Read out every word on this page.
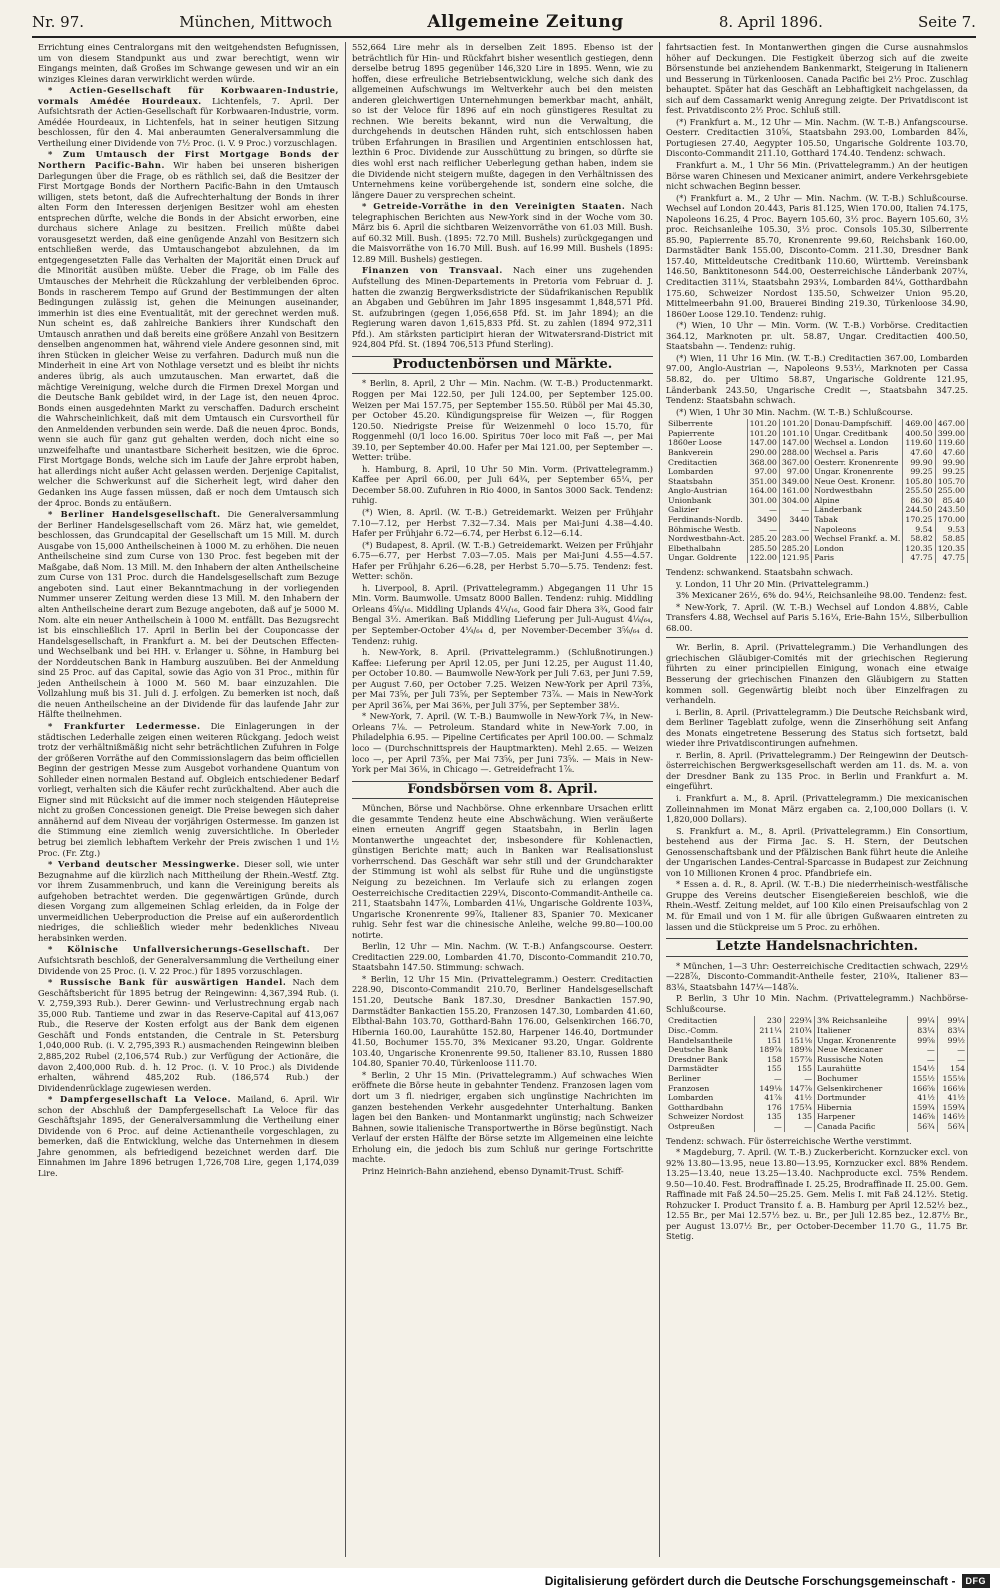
Nr. 97.	München, Mittwoch	Allgemeine Zeitung	8. April 1896.	Seite 7.

Errichtung eines Centralorgans mit den weitgehendsten Befugnissen, um von diesem Standpunkt aus und zwar berechtigt, wenn wir Eingangs meinten, daß Großes im Schwange gewesen und wir an ein winziges Kleines daran verwirklicht werden würde.

* Actien-Gesellschaft für Korbwaaren-Industrie, vormals Amédée Hourdeaux. Lichtenfels, 7. April. Der Aufsichtsrath der Actien-Gesellschaft für Korbwaaren-Industrie, vorm. Amédée Hourdeaux, in Lichtenfels, hat in seiner heutigen Sitzung beschlossen, für den 4. Mai anberaumten Generalversammlung die Vertheilung einer Dividende von 7½ Proc. (i. V. 9 Proc.) vorzuschlagen.

* Zum Umtausch der First Mortgage Bonds der Northern Pacific-Bahn. Wir haben bei unseren bisherigen Darlegungen über die Frage, ob es räthlich sei, daß die Besitzer der First Mortgage Bonds der Northern Pacific-Bahn in den Umtausch willigen, stets betont, daß die Aufrechterhaltung der Bonds in ihrer alten Form den Interessen derjenigen Besitzer wohl am ehesten entsprechen dürfte, welche die Bonds in der Absicht erworben, eine durchaus sichere Anlage zu besitzen. Freilich müßte dabei vorausgesetzt werden, daß eine genügende Anzahl von Besitzern sich entschließen werde, das Umtauschangebot abzulehnen, da im entgegengesetzten Falle das Verhalten der Majorität einen Druck auf die Minorität ausüben müßte. Ueber die Frage, ob im Falle des Umtausches der Mehrheit die Rückzahlung der verbleibenden 6proc. Bonds in rascherem Tempo auf Grund der Bestimmungen der alten Bedingungen zulässig ist, gehen die Meinungen auseinander, immerhin ist dies eine Eventualität, mit der gerechnet werden muß. Nun scheint es, daß zahlreiche Bankiers ihrer Kundschaft den Umtausch anrathen und daß bereits eine größere Anzahl von Besitzern denselben angenommen hat, während viele Andere gesonnen sind, mit ihren Stücken in gleicher Weise zu verfahren. Dadurch muß nun die Minderheit in eine Art von Nothlage versetzt und es bleibt ihr nichts anderes übrig, als auch umzutauschen. Man erwartet, daß die mächtige Vereinigung, welche durch die Firmen Drexel Morgan und die Deutsche Bank gebildet wird, in der Lage ist, den neuen 4proc. Bonds einen ausgedehnten Markt zu verschaffen. Dadurch erscheint die Wahrscheinlichkeit, daß mit dem Umtausch ein Cursvortheil für den Anmeldenden verbunden sein werde. Daß die neuen 4proc. Bonds, wenn sie auch für ganz gut gehalten werden, doch nicht eine so unzweifelhafte und unantastbare Sicherheit besitzen, wie die 6proc. First Mortgage Bonds, welche sich im Laufe der Jahre erprobt haben, hat allerdings nicht außer Acht gelassen werden. Derjenige Capitalist, welcher die Schwerkunst auf die Sicherheit legt, wird daher den Gedanken ins Auge fassen müssen, daß er noch dem Umtausch sich der 4proc. Bonds zu entäußern.

* Berliner Handelsgesellschaft. Die Generalversammlung der Berliner Handelsgesellschaft vom 26. März hat, wie gemeldet, beschlossen, das Grundcapital der Gesellschaft um 15 Mill. M. durch Ausgabe von 15,000 Antheilscheinen à 1000 M. zu erhöhen. Die neuen Antheilscheine sind zum Curse von 130 Proc. fest begeben mit der Maßgabe, daß Nom. 13 Mill. M. den Inhabern der alten Antheilscheine zum Curse von 131 Proc. durch die Handelsgesellschaft zum Bezuge angeboten sind. Laut einer Bekanntmachung in der vorliegenden Nummer unserer Zeitung werden diese 13 Mill. M. den Inhabern der alten Antheilscheine derart zum Bezuge angeboten, daß auf je 5000 M. Nom. alte ein neuer Antheilschein à 1000 M. entfällt. Das Bezugsrecht ist bis einschließlich 17. April in Berlin bei der Couponcasse der Handelsgesellschaft, in Frankfurt a. M. bei der Deutschen Effecten- und Wechselbank und bei HH. v. Erlanger u. Söhne, in Hamburg bei der Norddeutschen Bank in Hamburg auszuüben. Bei der Anmeldung sind 25 Proc. auf das Capital, sowie das Agio von 31 Proc., mithin für jeden Antheilschein à 1000 M. 560 M. baar einzuzahlen. Die Vollzahlung muß bis 31. Juli d. J. erfolgen. Zu bemerken ist noch, daß die neuen Antheilscheine an der Dividende für das laufende Jahr zur Hälfte theilnehmen.

* Frankfurter Ledermesse. Die Einlagerungen in der städtischen Lederhalle zeigen einen weiteren Rückgang. Jedoch weist trotz der verhältnißmäßig nicht sehr beträchtlichen Zufuhren in Folge der größeren Vorräthe auf den Commissionslagern das beim officiellen Beginn der gestrigen Messe zum Ausgebot vorhandene Quantum von Sohlleder einen normalen Bestand auf. Obgleich entschiedener Bedarf vorliegt, verhalten sich die Käufer recht zurückhaltend. Aber auch die Eigner sind mit Rücksicht auf die immer noch steigenden Häutepreise nicht zu großen Concessionen geneigt. Die Preise bewegen sich daher annähernd auf dem Niveau der vorjährigen Ostermesse. Im ganzen ist die Stimmung eine ziemlich wenig zuversichtliche. In Oberleder betrug bei ziemlich lebhaftem Verkehr der Preis zwischen 1 und 1½ Proc. (Fr. Ztg.)

* Verband deutscher Messingwerke. Dieser soll, wie unter Bezugnahme auf die kürzlich nach Mittheilung der Rhein.-Westf. Ztg. vor ihrem Zusammenbruch, und kann die Vereinigung bereits als aufgehoben betrachtet werden. Die gegenwärtigen Gründe, durch diesen Vorgang zum allgemeinen Schlag erleiden, da in Folge der unvermeidlichen Ueberproduction die Preise auf ein außerordentlich niedriges, die schließlich wieder mehr bedenkliches Niveau herabsinken werden.

* Kölnische Unfallversicherungs-Gesellschaft. Der Aufsichtsrath beschloß, der Generalversammlung die Vertheilung einer Dividende von 25 Proc. (i. V. 22 Proc.) für 1895 vorzuschlagen.

* Russische Bank für auswärtigen Handel. Nach dem Geschäftsbericht für 1895 betrug der Reingewinn: 4,367,394 Rub. (i. V. 2,759,393 Rub.). Derer Gewinn- und Verlustrechnung ergab nach 35,000 Rub. Tantieme und zwar in das Reserve-Capital auf 413,067 Rub., die Reserve der Kosten erfolgt aus der Bank dem eigenen Geschäft und Fonds entstanden, die Centrale in St. Petersburg 1,040,000 Rub. (i. V. 2,795,393 R.) ausmachenden Reingewinn bleiben 2,885,202 Rubel (2,106,574 Rub.) zur Verfügung der Actionäre, die davon 2,400,000 Rub. d. h. 12 Proc. (i. V. 10 Proc.) als Dividende erhalten, während 485,202 Rub. (186,574 Rub.) der Dividendenrücklage zugewiesen werden.

* Dampfergesellschaft La Veloce. Mailand, 6. April. Wir schon der Abschluß der Dampfergesellschaft La Veloce für das Geschäftsjahr 1895, der Generalversammlung die Vertheilung einer Dividende von 6 Proc. auf deine Actienantheile vorgeschlagen, zu bemerken, daß die Entwicklung, welche das Unternehmen in diesem Jahre genommen, als befriedigend bezeichnet werden darf. Die Einnahmen im Jahre 1896 betrugen 1,726,708 Lire, gegen 1,174,039 Lire.

552,664 Lire mehr als in derselben Zeit 1895. Ebenso ist der beträchtlich für Hin- und Rückfahrt bisher wesentlich gestiegen, denn derselbe betrug 1895 gegenüber 146,320 Lire in 1895. Wenn, wie zu hoffen, diese erfreuliche Betriebsentwicklung, welche sich dank des allgemeinen Aufschwungs im Weltverkehr auch bei den meisten anderen gleichwertigen Unternehmungen bemerkbar macht, anhält, so ist der Veloce für 1896 auf ein noch günstigeres Resultat zu rechnen. Wie bereits bekannt, wird nun die Verwaltung, die durchgehends in deutschen Händen ruht, sich entschlossen haben trüben Erfahrungen in Brasilien und Argentinien entschlossen hat, lezthin 6 Proc. Dividende zur Ausschüttung zu bringen, so dürfte sie dies wohl erst nach reiflicher Ueberlegung gethan haben, indem sie die Dividende nicht steigern mußte, dagegen in den Verhältnissen des Unternehmens keine vorübergehende ist, sondern eine solche, die längere Dauer zu versprechen scheint.

* Getreide-Vorräthe in den Vereinigten Staaten. Nach telegraphischen Berichten aus New-York sind in der Woche vom 30. März bis 6. April die sichtbaren Weizenvorräthe von 61.03 Mill. Bush. auf 60.32 Mill. Bush. (1895: 72.70 Mill. Bushels) zurückgegangen und die Maisvorräthe von 16.70 Mill. Bush. auf 16.99 Mill. Bushels (1895: 12.89 Mill. Bushels) gestiegen.

Finanzen von Transvaal. Nach einer uns zugehenden Aufstellung des Minen-Departements in Pretoria vom Februar d. J. hatten die zwanzig Bergwerksdistricte der Südafrikanischen Republik an Abgaben und Gebühren im Jahr 1895 insgesammt 1,848,571 Pfd. St. aufzubringen (gegen 1,056,658 Pfd. St. im Jahr 1894); an die Regierung waren davon 1,615,833 Pfd. St. zu zahlen (1894 972,311 Pfd.). Am stärksten participirt hieran der Witwatersrand-District mit 924,804 Pfd. St. (1894 706,513 Pfund Sterling).

Productenbörsen und Märkte.

* Berlin, 8. April, 2 Uhr — Min. Nachm. (W. T.-B.) Productenmarkt. Roggen per Mai 122.50, per Juli 124.00, per September 125.00. Weizen per Mai 157.75, per September 155.50. Rüböl per Mai 45.30, per October 45.20. Kündigungspreise für Weizen —, für Roggen 120.50. Niedrigste Preise für Weizenmehl 0 loco 15.70, für Roggenmehl (0/1 loco 16.00. Spiritus 70er loco mit Faß —, per Mai 39.10, per September 40.00. Hafer per Mai 121.00, per September —. Wetter: trübe.

h. Hamburg, 8. April, 10 Uhr 50 Min. Vorm. (Privattelegramm.) Kaffee per April 66.00, per Juli 64¾, per September 65¼, per December 58.00. Zufuhren in Rio 4000, in Santos 3000 Sack. Tendenz: ruhig.

(*) Wien, 8. April. (W. T.-B.) Getreidemarkt. Weizen per Frühjahr 7.10—7.12, per Herbst 7.32—7.34. Mais per Mai-Juni 4.38—4.40. Hafer per Frühjahr 6.72—6.74, per Herbst 6.12—6.14.

(*) Budapest, 8. April. (W. T.-B.) Getreidemarkt. Weizen per Frühjahr 6.75—6.77, per Herbst 7.03—7.05. Mais per Mai-Juni 4.55—4.57. Hafer per Frühjahr 6.26—6.28, per Herbst 5.70—5.75. Tendenz: fest. Wetter: schön.

h. Liverpool, 8. April. (Privattelegramm.) Abgegangen 11 Uhr 15 Min. Vorm. Baumwolle. Umsatz 8000 Ballen. Tendenz: ruhig. Middling Orleans 4⅝/₁₆. Middling Uplands 4¼/₁₆, Good fair Dhera 3¾, Good fair Bengal 3½. Amerikan. Baß Middling Lieferung per Juli-August 4⅛/₆₄, per September-October 4¼/₆₄ d, per November-December 3⅝/₆₄ d. Tendenz: ruhig.

h. New-York, 8. April. (Privattelegramm.) (Schlußnotirungen.) Kaffee: Lieferung per April 12.05, per Juni 12.25, per August 11.40, per October 10.80. — Baumwolle New-York per Juli 7.63, per Juni 7.59, per August 7.60, per October 7.25. Weizen New-York per April 73⅝, per Mai 73⅝, per Juli 73⅝, per September 73⅞. — Mais in New-York per April 36⅞, per Mai 36⅜, per Juli 37⅝, per September 38½.

* New-York, 7. April. (W. T.-B.) Baumwolle in New-York 7¾, in New-Orleans 7⅛. — Petroleum. Standard white in New-York 7.00, in Philadelphia 6.95. — Pipeline Certificates per April 100.00. — Schmalz loco — (Durchschnittspreis der Hauptmarkten). Mehl 2.65. — Weizen loco —, per April 73⅝, per Mai 73⅝, per Juni 73⅝. — Mais in New-York per Mai 36⅛, in Chicago —. Getreidefracht 1⅞.

Fondsbörsen vom 8. April.

München, Börse und Nachbörse. Ohne erkennbare Ursachen erlitt die gesammte Tendenz heute eine Abschwächung. Wien veräußerte einen erneuten Angriff gegen Staatsbahn, in Berlin lagen Montanwerthe ungeachtet der, insbesondere für Kohlenactien, günstigen Berichte matt; auch in Banken war Realisationslust vorherrschend. Das Geschäft war sehr still und der Grundcharakter der Stimmung ist wohl als selbst für Ruhe und die ungünstigste Neigung zu bezeichnen. Im Verlaufe sich zu erlangen zogen Oesterreichische Creditactien 229¼, Disconto-Commandit-Antheile ca. 211, Staatsbahn 147⅞, Lombarden 41⅛, Ungarische Goldrente 103¾, Ungarische Kronenrente 99⅞, Italiener 83, Spanier 70. Mexicaner ruhig. Sehr fest war die chinesische Anleihe, welche 99.80—100.00 notirte.

Berlin, 12 Uhr — Min. Nachm. (W. T.-B.) Anfangscourse. Oesterr. Creditactien 229.00, Lombarden 41.70, Disconto-Commandit 210.70, Staatsbahn 147.50. Stimmung: schwach.

* Berlin, 12 Uhr 15 Min. (Privattelegramm.) Oesterr. Creditactien 228.90, Disconto-Commandit 210.70, Berliner Handelsgesellschaft 151.20, Deutsche Bank 187.30, Dresdner Bankactien 157.90, Darmstädter Bankactien 155.20, Franzosen 147.30, Lombarden 41.60, Elbthal-Bahn 103.70, Gotthard-Bahn 176.00, Gelsenkirchen 166.70, Hibernia 160.00, Laurahütte 152.80, Harpener 146.40, Dortmunder 41.50, Bochumer 155.70, 3% Mexicaner 93.20, Ungar. Goldrente 103.40, Ungarische Kronenrente 99.50, Italiener 83.10, Russen 1880 104.80, Spanier 70.40, Türkenloose 111.70.

* Berlin, 2 Uhr 15 Min. (Privattelegramm.) Auf schwaches Wien eröffnete die Börse heute in gebahnter Tendenz. Franzosen lagen vom dort um 3 fl. niedriger, ergaben sich ungünstige Nachrichten im ganzen bestehenden Verkehr ausgedehnter Unterhaltung. Banken lagen bei den Banken- und Montanmarkt ungünstig; nach Schweizer Bahnen, sowie italienische Transportwerthe in Börse begünstigt. Nach Verlauf der ersten Hälfte der Börse setzte im Allgemeinen eine leichte Erholung ein, die jedoch bis zum Schluß nur geringe Fortschritte machte.

Prinz Heinrich-Bahn anziehend, ebenso Dynamit-Trust. Schiff-

fahrtsactien fest. In Montanwerthen gingen die Curse ausnahmslos höher auf Deckungen. Die Festigkeit überzog sich auf die zweite Börsenstunde bei anziehendem Bankenmarkt, Steigerung in Italienern und Besserung in Türkenloosen. Canada Pacific bei 2½ Proc. Zuschlag behauptet. Später hat das Geschäft an Lebhaftigkeit nachgelassen, da sich auf dem Cassamarkt wenig Anregung zeigte. Der Privatdiscont ist fest. Privatdisconto 2½ Proc. Schluß still.

(*) Frankfurt a. M., 12 Uhr — Min. Nachm. (W. T.-B.) Anfangscourse. Oesterr. Creditactien 310⅝, Staatsbahn 293.00, Lombarden 84⅞, Portugiesen 27.40, Aegypter 105.50, Ungarische Goldrente 103.70, Disconto-Commandit 211.10, Gotthard 174.40. Tendenz: schwach.

Frankfurt a. M., 1 Uhr 56 Min. (Privattelegramm.) An der heutigen Börse waren Chinesen und Mexicaner animirt, andere Verkehrsgebiete nicht schwachen Beginn besser.

(*) Frankfurt a. M., 2 Uhr — Min. Nachm. (W. T.-B.) Schlußcourse. Wechsel auf London 20.443, Paris 81.125, Wien 170.00, Italien 74.175, Napoleons 16.25, 4 Proc. Bayern 105.60, 3½ proc. Bayern 105.60, 3½ proc. Reichsanleihe 105.30, 3½ proc. Consols 105.30, Silberrente 85.90, Papierrente 85.70, Kronenrente 99.60, Reichsbank 160.00, Darmstädter Bank 155.00, Disconto-Comm. 211.30, Dresdner Bank 157.40, Mitteldeutsche Creditbank 110.60, Württemb. Vereinsbank 146.50, Banktitonesonn 544.00, Oesterreichische Länderbank 207¼, Creditactien 311¼, Staatsbahn 293¼, Lombarden 84¼, Gotthardbahn 175.60, Schweizer Nordost 135.50, Schweizer Union 95.20, Mittelmeerbahn 91.00, Brauerei Binding 219.30, Türkenloose 34.90, 1860er Loose 129.10. Tendenz: ruhig.

(*) Wien, 10 Uhr — Min. Vorm. (W. T.-B.) Vorbörse. Creditactien 364.12, Marknoten pr. ult. 58.87, Ungar. Creditactien 400.50, Staatsbahn —. Tendenz: ruhig.

(*) Wien, 11 Uhr 16 Min. (W. T.-B.) Creditactien 367.00, Lombarden 97.00, Anglo-Austrian —, Napoleons 9.53½, Marknoten per Cassa 58.82, do. per Ultimo 58.87, Ungarische Goldrente 121.95, Länderbank 243.50, Ungarische Credit —, Staatsbahn 347.25. Tendenz: Staatsbahn schwach.

(*) Wien, 1 Uhr 30 Min. Nachm. (W. T.-B.) Schlußcourse.

Silberrente	101.20	101.20	Donau-Dampfschiff.	469.00	467.00
Papierrente	101.20	101.10	Ungar. Creditbank	400.50	399.00
1860er Loose	147.00	147.00	Wechsel a. London	119.60	119.60
Bankverein	290.00	288.00	Wechsel a. Paris	47.60	47.60
Creditactien	368.00	367.00	Oesterr. Kronenrente	99.90	99.90
Lombarden	97.00	97.00	Ungar. Kronenrente	99.25	99.25
Staatsbahn	351.00	349.00	Neue Oest. Kronenr.	105.80	105.70
Anglo-Austrian	164.00	161.00	Nordwestbahn	255.50	255.00
Unionbank	301.00	304.00	Alpine	86.30	85.40
Galizier	—	—	Länderbank	244.50	243.50
Ferdinands-Nordb.	3490	3440	Tabak	170.25	170.00
Böhmische Westb.	—	—	Napoleons	9.54	9.53
Nordwestbahn-Act.	285.20	283.00	Wechsel Frankf. a. M.	58.82	58.85
Elbethalbahn	285.50	285.20	London	120.35	120.35
Ungar. Goldrente	122.00	121.95	Paris	47.75	47.75

Tendenz: schwankend. Staatsbahn schwach.

y. London, 11 Uhr 20 Min. (Privattelegramm.)

3% Mexicaner 26½, 6% do. 94½, Reichsanleihe 98.00. Tendenz: fest.

* New-York, 7. April. (W. T.-B.) Wechsel auf London 4.88½, Cable Transfers 4.88, Wechsel auf Paris 5.16¼, Erie-Bahn 15½, Silberbullion 68.00.

Wr. Berlin, 8. April. (Privattelegramm.) Die Verhandlungen des griechischen Gläubiger-Comités mit der griechischen Regierung führten zu einer principiellen Einigung, wonach eine etwaige Besserung der griechischen Finanzen den Gläubigern zu Statten kommen soll. Gegenwärtig bleibt noch über Einzelfragen zu verhandeln.

i. Berlin, 8. April. (Privattelegramm.) Die Deutsche Reichsbank wird, dem Berliner Tageblatt zufolge, wenn die Zinserhöhung seit Anfang des Monats eingetretene Besserung des Status sich fortsetzt, bald wieder ihre Privatdiscontirungen aufnehmen.

r. Berlin, 8. April. (Privattelegramm.) Der Reingewinn der Deutsch-österreichischen Bergwerksgesellschaft werden am 11. ds. M. a. von der Dresdner Bank zu 135 Proc. in Berlin und Frankfurt a. M. eingeführt.

i. Frankfurt a. M., 8. April. (Privattelegramm.) Die mexicanischen Zolleinnahmen im Monat März ergaben ca. 2,100,000 Dollars (i. V. 1,820,000 Dollars).

S. Frankfurt a. M., 8. April. (Privattelegramm.) Ein Consortium, bestehend aus der Firma Jac. S. H. Stern, der Deutschen Genossenschaftsbank und der Pfälzischen Bank führt heute die Anleihe der Ungarischen Landes-Central-Sparcasse in Budapest zur Zeichnung von 10 Millionen Kronen 4 proc. Pfandbriefe ein.

* Essen a. d. R., 8. April. (W. T.-B.) Die niederrheinisch-westfälische Gruppe des Vereins deutscher Eisengießereien beschloß, wie die Rhein.-Westf. Zeitung meldet, auf 100 Kilo einen Preisaufschlag von 2 M. für Email und von 1 M. für alle übrigen Gußwaaren eintreten zu lassen und die Stückpreise um 5 Proc. zu erhöhen.

Letzte Handelsnachrichten.

* München, 1—3 Uhr: Oesterreichische Creditactien schwach, 229½—228⅞, Disconto-Commandit-Antheile fester, 210¾, Italiener 83—83⅛, Staatsbahn 147¼—148⅞.

P. Berlin, 3 Uhr 10 Min. Nachm. (Privattelegramm.) Nachbörse-Schlußcourse.

Creditactien	230	229¾	3% Reichsanleihe	99¼	99¼
Disc.-Comm.	211¼	210¾	Italiener	83¼	83¼
Handelsantheile	151	151⅛	Ungar. Kronenrente	99⅝	99½
Deutsche Bank	189⅞	189⅜	Neue Mexicaner	—	—
Dresdner Bank	158	157⅞	Russische Noten	—	—
Darmstädter	155	155	Laurahütte	154½	154
Berliner	—	—	Bochumer	155½	155⅛
Franzosen	149⅛	147⅞	Gelsenkirchener	166⅝	166⅛
Lombarden	41⅞	41½	Dortmunder	41½	41½
Gotthardbahn	176	175¾	Hibernia	159¾	159¾
Schweizer Nordost	135	135	Harpener	146⅝	146½
Ostpreußen	—	—	Canada Pacific	56¾	56¾

Tendenz: schwach. Für österreichische Werthe verstimmt.

* Magdeburg, 7. April. (W. T.-B.) Zuckerbericht. Kornzucker excl. von 92% 13.80—13.95, neue 13.80—13.95, Kornzucker excl. 88% Rendem. 13.25—13.40, neue 13.25—13.40. Nachproducte excl. 75% Rendem. 9.50—10.40. Fest. Brodraffinade I. 25.25, Brodraffinade II. 25.00. Gem. Raffinade mit Faß 24.50—25.25. Gem. Melis I. mit Faß 24.12½. Stetig. Rohzucker I. Product Transito f. a. B. Hamburg per April 12.52½ bez., 12.55 Br., per Mai 12.57½ bez. u. Br., per Juli 12.85 bez., 12.87½ Br., per August 13.07½ Br., per October-December 11.70 G., 11.75 Br. Stetig.

Digitalisierung gefördert durch die Deutsche Forschungsgemeinschaft -	DFG
